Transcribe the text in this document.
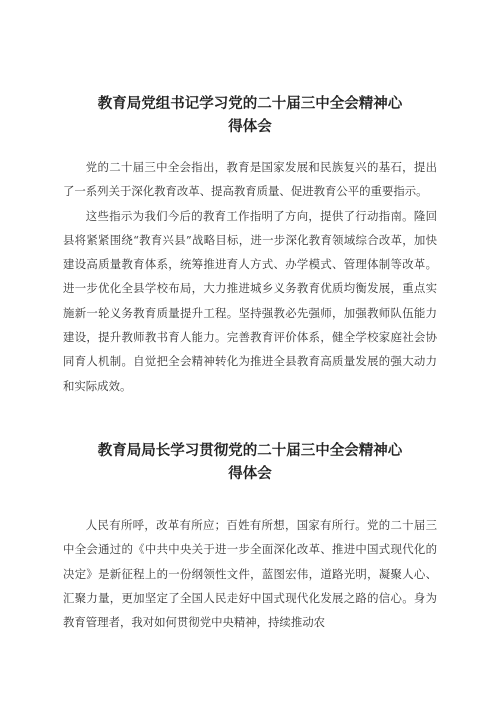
教育局党组书记学习党的二十届三中全会精神心得体会

党的二十届三中全会指出，教育是国家发展和民族复兴的基石，提出了一系列关于深化教育改革、提高教育质量、促进教育公平的重要指示。

这些指示为我们今后的教育工作指明了方向，提供了行动指南。隆回县将紧紧围绕“教育兴县”战略目标，进一步深化教育领域综合改革，加快建设高质量教育体系，统筹推进育人方式、办学模式、管理体制等改革。进一步优化全县学校布局，大力推进城乡义务教育优质均衡发展，重点实施新一轮义务教育质量提升工程。坚持强教必先强师，加强教师队伍能力建设，提升教师教书育人能力。完善教育评价体系，健全学校家庭社会协同育人机制。自觉把全会精神转化为推进全县教育高质量发展的强大动力和实际成效。

教育局局长学习贯彻党的二十届三中全会精神心得体会

人民有所呼，改革有所应；百姓有所想，国家有所行。党的二十届三中全会通过的《中共中央关于进一步全面深化改革、推进中国式现代化的决定》是新征程上的一份纲领性文件，蓝图宏伟，道路光明，凝聚人心、汇聚力量，更加坚定了全国人民走好中国式现代化发展之路的信心。身为教育管理者，我对如何贯彻党中央精神，持续推动农
